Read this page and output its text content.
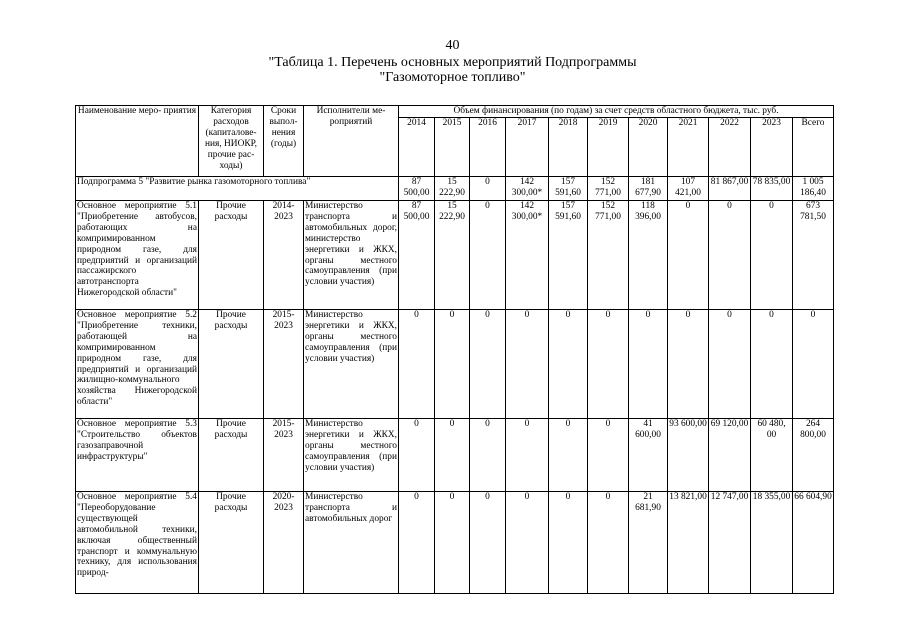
40
"Таблица 1. Перечень основных мероприятий Подпрограммы
"Газомоторное топливо"
Наименование меро- приятия	Категория расходов (капиталове- ния, НИОКР, прочие рас- ходы)	Сроки выпол- нения (годы)	Исполнители ме- роприятий	Объем финансирования (по годам) за счет средств областного бюджета, тыс. руб.										
				2014	2015	2016	2017	2018	2019	2020	2021	2022	2023	Всего
Подпрограмма 5 "Развитие рынка газомоторного топлива"				87 500,00	15 222,90	0	142 300,00*	157 591,60	152 771,00	181 677,90	107 421,00	81 867,00	78 835,00	1 005 186,40
Основное мероприятие 5.1 "Приобретение автобусов, работающих на компримированном природном газе, для предприятий и организаций пассажирского автотранспорта Нижегородской области"	Прочие расходы	2014- 2023	Министерство транспорта и автомобильных дорог, министерство энергетики и ЖКХ, органы местного самоуправления (при условии участия)	87 500,00	15 222,90	0	142 300,00*	157 591,60	152 771,00	118 396,00	0	0	0	673 781,50
Основное мероприятие 5.2 "Приобретение техники, работающей на компримированном природном газе, для предприятий и организаций жилищно-коммунального хозяйства Нижегородской области"	Прочие расходы	2015- 2023	Министерство энергетики и ЖКХ, органы местного самоуправления (при условии участия)	0	0	0	0	0	0	0	0	0	0	0
Основное мероприятие 5.3 "Строительство объектов газозаправочной инфраструктуры"	Прочие расходы	2015- 2023	Министерство энергетики и ЖКХ, органы местного самоуправления (при условии участия)	0	0	0	0	0	0	41 600,00	93 600,00	69 120,00	60 480, 00	264 800,00
Основное мероприятие 5.4 "Переоборудование существующей автомобильной техники, включая общественный транспорт и коммунальную технику, для использования природ-	Прочие расходы	2020- 2023	Министерство транспорта и автомобильных дорог	0	0	0	0	0	0	21 681,90	13 821,00	12 747,00	18 355,00	66 604,90
